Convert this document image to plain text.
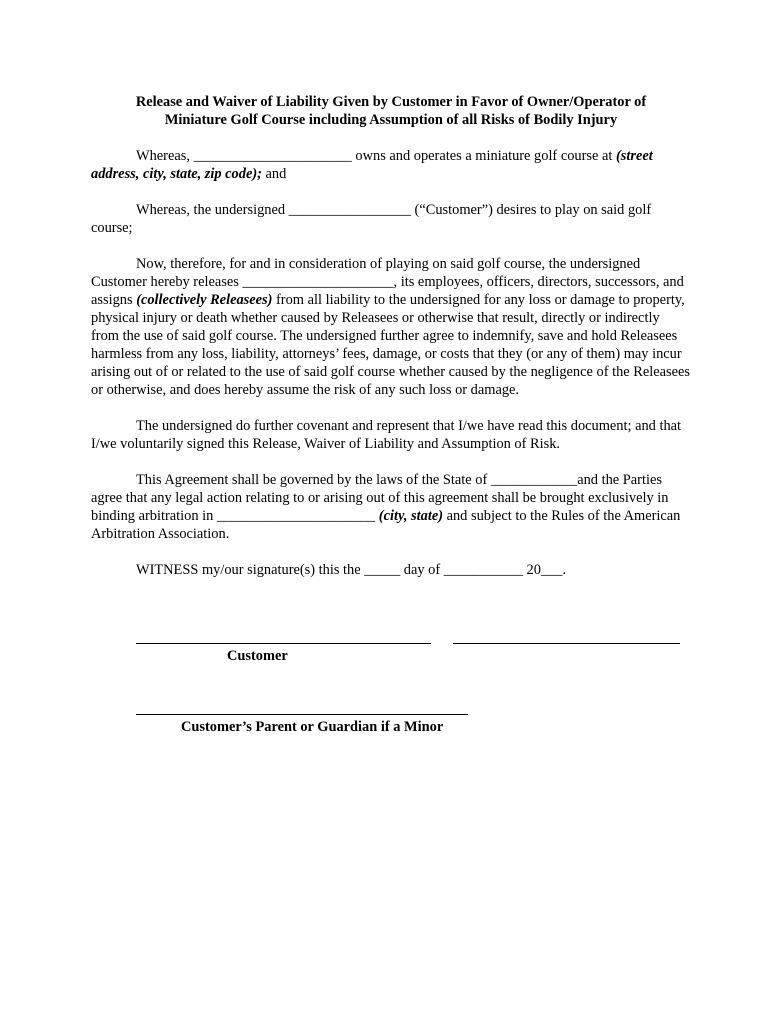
Release and Waiver of Liability Given by Customer in Favor of Owner/Operator of
Miniature Golf Course including Assumption of all Risks of Bodily Injury

Whereas, ______________________ owns and operates a miniature golf course at (street address, city, state, zip code); and

Whereas, the undersigned _________________ (“Customer”) desires to play on said golf course;

Now, therefore, for and in consideration of playing on said golf course, the undersigned Customer hereby releases _____________________, its employees, officers, directors, successors, and assigns (collectively Releasees) from all liability to the undersigned for any loss or damage to property, physical injury or death whether caused by Releasees or otherwise that result, directly or indirectly from the use of said golf course. The undersigned further agree to indemnify, save and hold Releasees harmless from any loss, liability, attorneys’ fees, damage, or costs that they (or any of them) may incur arising out of or related to the use of said golf course whether caused by the negligence of the Releasees or otherwise, and does hereby assume the risk of any such loss or damage.

The undersigned do further covenant and represent that I/we have read this document; and that I/we voluntarily signed this Release, Waiver of Liability and Assumption of Risk.

This Agreement shall be governed by the laws of the State of ____________and the Parties agree that any legal action relating to or arising out of this agreement shall be brought exclusively in binding arbitration in ______________________ (city, state) and subject to the Rules of the American Arbitration Association.

WITNESS my/our signature(s) this the _____ day of ___________ 20___.

Customer
Customer’s Parent or Guardian if a Minor
